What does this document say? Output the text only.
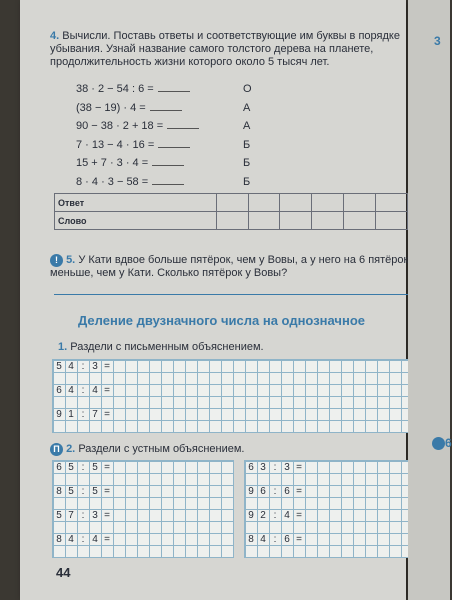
4. Вычисли. Поставь ответы и соответствующие им буквы в порядке убывания. Узнай название самого толстого дерева на планете, продолжительность жизни которого около 5 тысяч лет.
38 · 2 − 54 : 6 =	О
(38 − 19) · 4 =	А
90 − 38 · 2 + 18 =	А
7 · 13 − 4 · 16 =	Б
15 + 7 · 3 · 4 =	Б
8 · 4 · 3 − 58 =	Б
Ответ						
Слово						
! 5. У Кати вдвое больше пятёрок, чем у Вовы, а у него на 6 пятёрок меньше, чем у Кати. Сколько пятёрок у Вовы?
Деление двузначного числа на однозначное
1. Раздели с письменным объяснением.
П 2. Раздели с устным объяснением.
5 4 : 3 =
6 4 : 4 =
9 1 : 7 =
6 5 : 5 =
8 5 : 5 =
5 7 : 3 =
8 4 : 4 =
6 3 : 3 =
9 6 : 6 =
9 2 : 4 =
8 4 : 6 =
44
3
! 6
